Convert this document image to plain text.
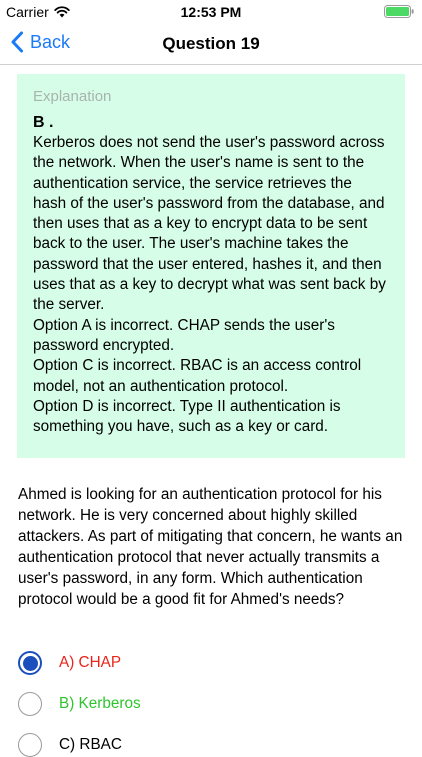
Carrier	12:53 PM
Back	Question 19
Explanation
B .
Kerberos does not send the user's password across the network. When the user's name is sent to the authentication service, the service retrieves the hash of the user's password from the database, and then uses that as a key to encrypt data to be sent back to the user. The user's machine takes the password that the user entered, hashes it, and then uses that as a key to decrypt what was sent back by the server.
Option A is incorrect. CHAP sends the user's password encrypted.
Option C is incorrect. RBAC is an access control model, not an authentication protocol.
Option D is incorrect. Type II authentication is something you have, such as a key or card.
Ahmed is looking for an authentication protocol for his network. He is very concerned about highly skilled attackers. As part of mitigating that concern, he wants an authentication protocol that never actually transmits a user's password, in any form. Which authentication protocol would be a good fit for Ahmed's needs?
A) CHAP
B) Kerberos
C) RBAC
